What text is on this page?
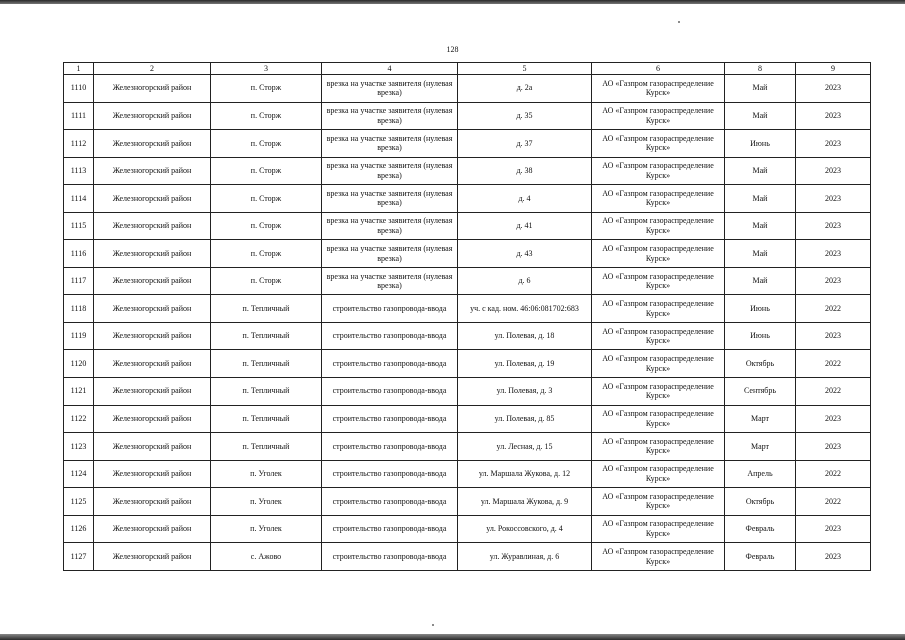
128
1	2	3	4	5	6	8	9
1110	Железногорский район	п. Сторж	врезка на участке заявителя (нулевая врезка)	д. 2а	АО «Газпром газораспределение Курск»	Май	2023
1111	Железногорский район	п. Сторж	врезка на участке заявителя (нулевая врезка)	д. 35	АО «Газпром газораспределение Курск»	Май	2023
1112	Железногорский район	п. Сторж	врезка на участке заявителя (нулевая врезка)	д. 37	АО «Газпром газораспределение Курск»	Июнь	2023
1113	Железногорский район	п. Сторж	врезка на участке заявителя (нулевая врезка)	д. 38	АО «Газпром газораспределение Курск»	Май	2023
1114	Железногорский район	п. Сторж	врезка на участке заявителя (нулевая врезка)	д. 4	АО «Газпром газораспределение Курск»	Май	2023
1115	Железногорский район	п. Сторж	врезка на участке заявителя (нулевая врезка)	д. 41	АО «Газпром газораспределение Курск»	Май	2023
1116	Железногорский район	п. Сторж	врезка на участке заявителя (нулевая врезка)	д. 43	АО «Газпром газораспределение Курск»	Май	2023
1117	Железногорский район	п. Сторж	врезка на участке заявителя (нулевая врезка)	д. 6	АО «Газпром газораспределение Курск»	Май	2023
1118	Железногорский район	п. Тепличный	строительство газопровода-ввода	уч. с кад. ном. 46:06:081702:683	АО «Газпром газораспределение Курск»	Июнь	2022
1119	Железногорский район	п. Тепличный	строительство газопровода-ввода	ул. Полевая, д. 18	АО «Газпром газораспределение Курск»	Июнь	2023
1120	Железногорский район	п. Тепличный	строительство газопровода-ввода	ул. Полевая, д. 19	АО «Газпром газораспределение Курск»	Октябрь	2022
1121	Железногорский район	п. Тепличный	строительство газопровода-ввода	ул. Полевая, д. 3	АО «Газпром газораспределение Курск»	Сентябрь	2022
1122	Железногорский район	п. Тепличный	строительство газопровода-ввода	ул. Полевая, д. 85	АО «Газпром газораспределение Курск»	Март	2023
1123	Железногорский район	п. Тепличный	строительство газопровода-ввода	ул. Лесная, д. 15	АО «Газпром газораспределение Курск»	Март	2023
1124	Железногорский район	п. Уголек	строительство газопровода-ввода	ул. Маршала Жукова, д. 12	АО «Газпром газораспределение Курск»	Апрель	2022
1125	Железногорский район	п. Уголек	строительство газопровода-ввода	ул. Маршала Жукова, д. 9	АО «Газпром газораспределение Курск»	Октябрь	2022
1126	Железногорский район	п. Уголек	строительство газопровода-ввода	ул. Рокоссовского, д. 4	АО «Газпром газораспределение Курск»	Февраль	2023
1127	Железногорский район	с. Ажово	строительство газопровода-ввода	ул. Журавлиная, д. 6	АО «Газпром газораспределение Курск»	Февраль	2023
